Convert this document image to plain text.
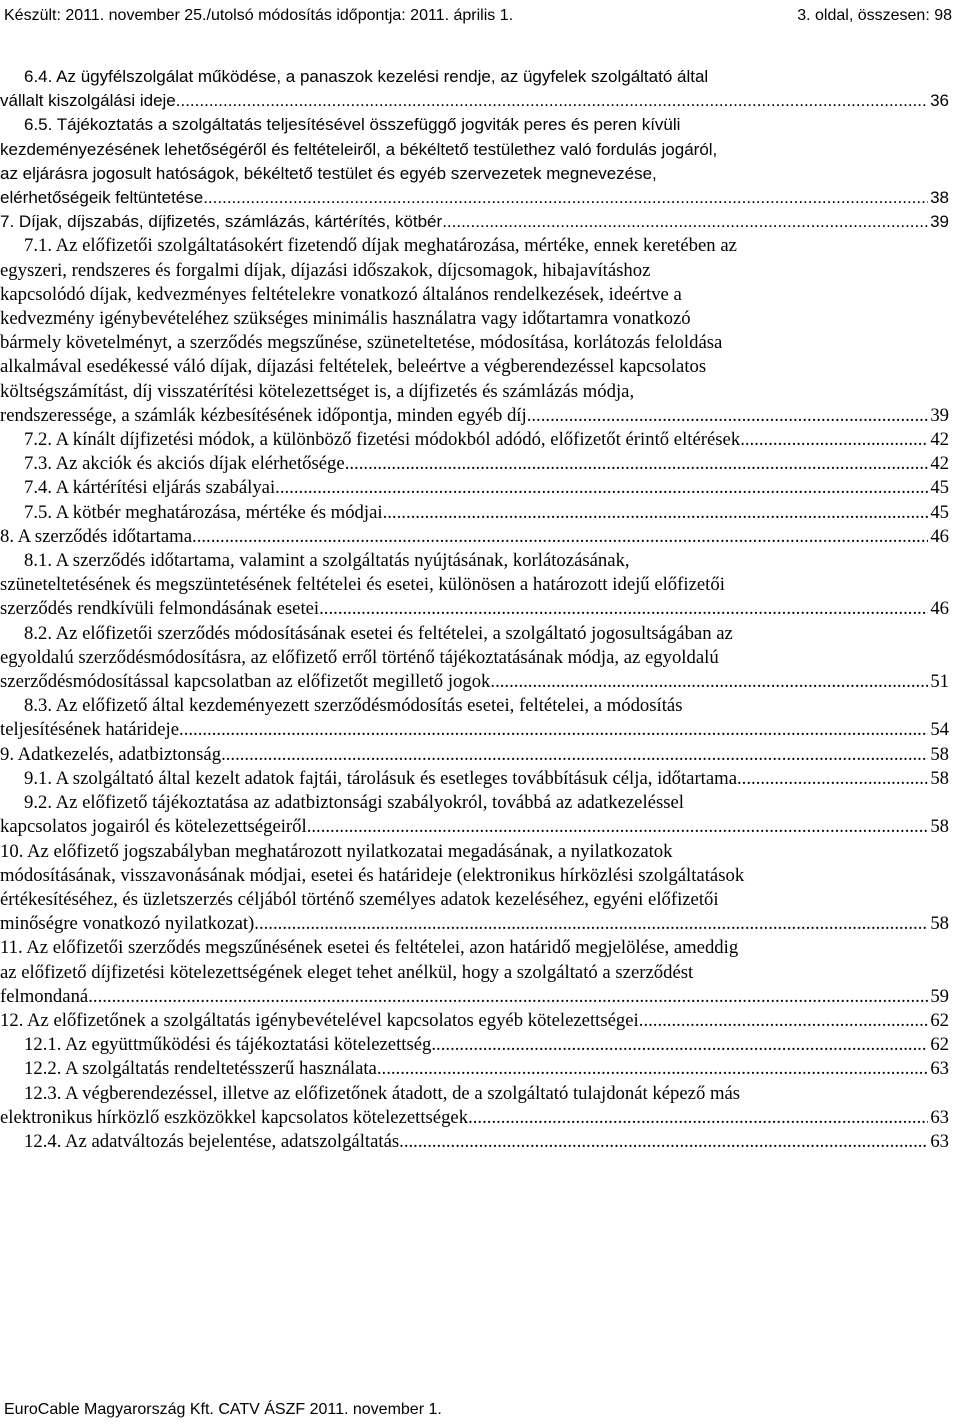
Készült: 2011. november 25./utolsó módosítás időpontja: 2011. április 1.	3. oldal, összesen: 98
6.4. Az ügyfélszolgálat működése, a panaszok kezelési rendje, az ügyfelek szolgáltató által
vállalt kiszolgálási ideje .....	36
6.5. Tájékoztatás a szolgáltatás teljesítésével összefüggő jogviták peres és peren kívüli
kezdeményezésének lehetőségéről és feltételeiről, a békéltető testülethez való fordulás jogáról,
az eljárásra jogosult hatóságok, békéltető testület és egyéb szervezetek megnevezése,
elérhetőségeik feltüntetése .....	38
7. Díjak, díjszabás, díjfizetés, számlázás, kártérítés, kötbér .....	39
7.1. Az előfizetői szolgáltatásokért fizetendő díjak meghatározása, mértéke, ennek keretében az
egyszeri, rendszeres és forgalmi díjak, díjazási időszakok, díjcsomagok, hibajavításhoz
kapcsolódó díjak, kedvezményes feltételekre vonatkozó általános rendelkezések, ideértve a
kedvezmény igénybevételéhez szükséges minimális használatra vagy időtartamra vonatkozó
bármely követelményt, a szerződés megszűnése, szüneteltetése, módosítása, korlátozás feloldása
alkalmával esedékessé váló díjak, díjazási feltételek, beleértve a végberendezéssel kapcsolatos
költségszámítást, díj visszatérítési kötelezettséget is, a díjfizetés és számlázás módja,
rendszeressége, a számlák kézbesítésének időpontja, minden egyéb díj .....	39
7.2. A kínált díjfizetési módok, a különböző fizetési módokból adódó, előfizetőt érintő eltérések .....	42
7.3. Az akciók és akciós díjak elérhetősége .....	42
7.4. A kártérítési eljárás szabályai .....	45
7.5. A kötbér meghatározása, mértéke és módjai .....	45
8. A szerződés időtartama .....	46
8.1. A szerződés időtartama, valamint a szolgáltatás nyújtásának, korlátozásának,
szüneteltetésének és megszüntetésének feltételei és esetei, különösen a határozott idejű előfizetői
szerződés rendkívüli felmondásának esetei .....	46
8.2. Az előfizetői szerződés módosításának esetei és feltételei, a szolgáltató jogosultságában az
egyoldalú szerződésmódosításra, az előfizető erről történő tájékoztatásának módja, az egyoldalú
szerződésmódosítással kapcsolatban az előfizetőt megillető jogok .....	51
8.3. Az előfizető által kezdeményezett szerződésmódosítás esetei, feltételei, a módosítás
teljesítésének határideje .....	54
9. Adatkezelés, adatbiztonság .....	58
9.1. A szolgáltató által kezelt adatok fajtái, tárolásuk és esetleges továbbításuk célja, időtartama .....	58
9.2. Az előfizető tájékoztatása az adatbiztonsági szabályokról, továbbá az adatkezeléssel
kapcsolatos jogairól és kötelezettségeiről .....	58
10. Az előfizető jogszabályban meghatározott nyilatkozatai megadásának, a nyilatkozatok
módosításának, visszavonásának módjai, esetei és határideje (elektronikus hírközlési szolgáltatások
értékesítéséhez, és üzletszerzés céljából történő személyes adatok kezeléséhez, egyéni előfizetői
minőségre vonatkozó nyilatkozat) .....	58
11. Az előfizetői szerződés megszűnésének esetei és feltételei, azon határidő megjelölése, ameddig
az előfizető díjfizetési kötelezettségének eleget tehet anélkül, hogy a szolgáltató a szerződést
felmondaná .....	59
12. Az előfizetőnek a szolgáltatás igénybevételével kapcsolatos egyéb kötelezettségei .....	62
12.1. Az együttműködési és tájékoztatási kötelezettség .....	62
12.2. A szolgáltatás rendeltetésszerű használata .....	63
12.3. A végberendezéssel, illetve az előfizetőnek átadott, de a szolgáltató tulajdonát képező más
elektronikus hírközlő eszközökkel kapcsolatos kötelezettségek .....	63
12.4. Az adatváltozás bejelentése, adatszolgáltatás .....	63
EuroCable Magyarország Kft. CATV ÁSZF 2011. november 1.
